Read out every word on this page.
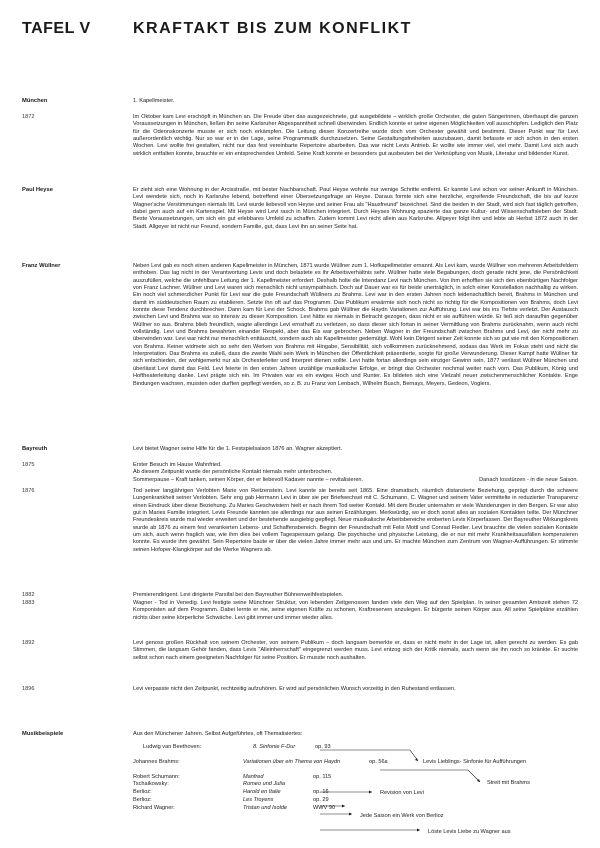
TAFEL V	KRAFTAKT BIS ZUM KONFLIKT
München	1. Kapellmeister.
1872	Im Oktober kam Levi erschöpft in München an. Die Freude über das ausgezeichnete, gut ausgebildete – wirklich große Orchester, die guten Sängerinnen, überhaupt die ganzen Voraussetzungen in München, ließen ihn seine Karlsruher Abgespanntheit schnell überwinden. Endlich konnte er seine eigenen Möglichkeiten voll ausschöpfen. Lediglich den Platz für die Odeonskonzerte musste er sich noch erkämpfen. Die Leitung dieser Konzertreihe wurde doch vom Orchester gewählt und bestimmt. Dieser Punkt war für Levi außerordentlich wichtig. Nur so war er in der Lage, seine Programmatik durchzusetzen. Seine Gestaltungsfreiheiten auszubauen, damit befasste er sich schon in den ersten Wochen. Levi wollte frei gestalten, nicht nur das fest vereinbarte Repertoire abarbeiten. Das war nicht Levis Antrieb. Er wollte wie immer viel, viel mehr. Damit Levi sich auch wirklich entfalten konnte, brauchte er ein entsprechendes Umfeld. Seine Kraft konnte er besonders gut ausbeuten bei der Verknüpfung von Musik, Literatur und bildender Kunst.
Paul Heyse	Er zieht sich eine Wohnung in der Arcisstraße, mit bester Nachbarschaft. Paul Heyse wohnte nur wenige Schritte entfernt. Er kannte Levi schon vor seiner Ankunft in München. Levi wendete sich, noch in Karlsruhe lebend, betreffend einer Übersetzungsfrage an Heyse. Daraus formte sich eine herzliche, ergreifende Freundschaft, die bis auf kurze Wagner'sche Verstimmungen niemals litt. Levi wurde liebevoll von Heyse und seiner Frau als "Hausfreund" bezeichnet. Sind die beiden in der Stadt, wird sich fast täglich getroffen, dabei gern auch auf ein Kartenspiel. Mit Heyse wird Levi rasch in München integriert. Durch Heyses Wohnung spazierte das ganze Kultur- und Wissenschaftsleben der Stadt. Beste Voraussetzungen, um sich ein gut erlebbares Umfeld zu schaffen. Zudem kommt Levi nicht allein aus Karlsruhe. Allgeyer folgt ihm und lebte ab Herbst 1872 auch in der Stadt. Allgeyer ist nicht nur Freund, sondern Familie, gut, dass Levi ihn an seiner Seite hat.
Franz Wüllner	Neben Levi gab es noch einen anderen Kapellmeister in München, 1871 wurde Wüllner zum 1. Hofkapellmeister ernannt. Als Levi kam, wurde Wüllner von mehreren Arbeitsfeldern enthoben. Das lag nicht in der Verantwortung Levis und doch belastete es ihr Arbeitsverhältnis sehr. Wüllner hatte viele Begabungen, doch gerade nicht jene, die Persönlichkeit auszufüllen, welche die unfehlbare Leitung der 1. Kapellmeister erfordert. Deshalb holte die Intendanz Levi nach München. Von ihm erhofften sie sich den ebenbürtigen Nachfolger von Franz Lachner. Wüllner und Levi waren sich menschlich nicht unsympathisch. Doch auf Dauer war es für beide unerträglich, in solch einer Konstellation nachhaltig zu wirken. Ein noch viel schmerzlicher Punkt für Levi war die gute Freundschaft Wüllners zu Brahms. Levi war in den ersten Jahren noch leidenschaftlich bereit, Brahms in München und damit im süddeutschen Raum zu etablieren. Setzte ihn oft auf das Programm. Das Publikum erwärmte sich noch nicht so richtig für die Kompositionen von Brahms, doch Levi konnte diese Tendenz durchbrechen. Dann kam für Levi der Schock. Brahms gab Wüllner die Haydn Variationen zur Aufführung. Levi war bis ins Tiefste verletzt. Der Austausch zwischen Levi und Brahms war so intensiv zu dieser Komposition. Levi hätte es niemals in Betracht gezogen, dass nicht er sie aufführen würde. Er ließ sich daraufhin gegenüber Wüllner so aus. Brahms blieb freundlich, wagte allerdings Levi ernsthaft zu verletzen, so dass dieser sich fortan in seiner Vermittlung von Brahms zurücknahm, wenn auch nicht vollständig. Levi und Brahms bewahrten einander Respekt, aber das Eis war gebrochen. Neben Wagner in der Freundschaft zwischen Brahms und Levi, der nicht mehr zu überwinden war. Levi war nicht nur menschlich enttäuscht, sondern auch als Kapellmeister gedemütigt. Wohl kein Dirigent seiner Zeit konnte sich so gut wie mit den Kompositionen von Brahms. Keiner widmete sich so sehr den Werken von Brahms mit Hingabe, Sensibilität, sich vollkommen zurücknehmend, sodass das Werk im Fokus steht und nicht die Interpretation. Das Brahms es zuließ, dass die zweite Wahl sein Werk in München der Öffentlichkeit präsentierte, sorgte für große Verwunderung. Dieser Kampf hatte Wüllner für sich entschieden, der wohlgemerkt nur als Orchesterleiter und Interpret dienen sollte. Levi hatte fortan allerdings sein einziger Gewinn sein. 1877 verlässt Wüllner München und überlässt Levi damit das Feld. Levi feierte in den ersten Jahren unzählige musikalische Erfolge, er bringt das Orchester nochmal weiter nach vorn. Das Publikum, König und Hoftheaterleitung danke. Levi prägte sich ein. Im Privaten war es ein ewiges Hoch und Runter. Es bildeten sich eine Vielzahl neuer zwischenmenschlicher Kontakte. Enge Bindungen wachsen, mussten oder durften gepflegt werden, so z. B. zu Franz von Lenbach, Wilhelm Busch, Bernays, Meyers, Gedeon, Voglers.
Bayreuth	Levi bietet Wagner seine Hilfe für die 1. Festspielsaison 1876 an. Wagner akzeptiert.
1875	Erster Besuch im Hause Wahnfried.

Ab diesem Zeitpunkt wurde der persönliche Kontakt niemals mehr unterbrochen.

Sommerpause – Kraft tanken, seinen Körper, der er liebevoll Kadaver nannte – revitalisieren.	Danach losstürzen - in die neue Saison.

1876	Tod seiner langjährigen Verlobten Marie von Reitzenstein. Levi kannte sie bereits seit 1865. Eine dramatisch, räumlich distanzierte Beziehung, geprägt durch die schwere Lungenkrankheit seiner Verlobten. Sehr eng gab Hermann Levi in über sie per Briefwechsel mit C. Schumann, C. Wagner und seinem Vater vermittelte in reduzierter Transparenz einen Eindruck über diese Beziehung. Zu Maries Geschwistern hielt er nach ihrem Tod weiter Kontakt. Mit dem Bruder unternahm er viele Wanderungen in den Bergen. Er war also gut in Maries Familie integriert. Levis Freunde kannten sie allerdings nur aus seinen Erzählungen. Merkwürdig, wo er doch sonst alles an sozialen Kontakten teilte. Der Münchner Freundeskreis wurde mal wieder erweitert und der bestehende ausgiebig gepflegt. Neue musikalische Arbeitsbereiche eroberten Levis Körperfassen. Der Bayreuther Wirkungskreis wurde ab 1876 zu einem fest verankerten Lebens- und Schaffensbereich. Beginn der Freundschaft mit Felix Mottl und Conrad Fiedler. Levi brauchte die vielen sozialen Kontakte um sich, auch wenn fraglich war, wie ihm dies bei vollem Tagespensum gelang. Die psychische und physische Leistung, die er nur mit mehr Krankheitsausfällen kompensieren konnte. Es wurde ihm gewährt. Sein Repertoire baute er über die vielen Jahre immer mehr aus und um. Er machte München zum Zentrum von Wagner-Aufführungen. Er stimmte seinen Hofoper-Klangkörper auf die Werke Wagners ab.
1882	Premierendirigent. Levi dirigierte Parsifal bei den Bayreuther Bühnenweihfestspielen.
1883	Wagner - Tod in Venedig. Levi festigte seine Münchner Struktur, von lebenden Zeitgenossen fanden viele den Weg auf den Spielplan. In seiner gesamten Amtszeit stehen 72 Komponisten auf dem Programm. Dabei lernte er nie, seine eigenen Kräfte zu schonen, Kraftreserven anzulegen. Er bürgerte seinen Körper aus. All seine Spielpläne erzählen nichts über seine körperliche Schwäche. Levi gibt immer und immer wieder alles.
1892	Levi genoss großen Rückhalt von seinem Orchester, von seinem Publikum – doch langsam bemerkte er, dass er nicht mehr in der Lage ist, allen gerecht zu werden. Es gab Stimmen, die langsam Gehör fanden, dass Levis "Alleinherrschaft" eingegrenzt werden muss. Levi entzog sich der Kritik niemals, auch wenn sie ihn noch so kränkte. Er suchte selbst schon nach einem geeigneten Nachfolger für seine Position. Er musste noch aushalten.
1896	Levi verpasste nicht den Zeitpunkt, rechtzeitig aufzuhören. Er wird auf persönlichen Wunsch vorzeitig in den Ruhestand entlassen.
Musikbeispiele	Aus den Münchener Jahren. Selbst Aufgeführtes, oft Thematisiertes:
Ludwig van Beethoven:	8. Sinfonie F-Dur	op. 93
Johannes Brahms:	Variationen über ein Thema von Haydn	op. 56a
Robert Schumann:	Manfred	op. 115
Tschaikowsky:	Romeo und Julia
Berlioz:	Harold en Italie	op. 16
Berlioz:	Les Troyens	op. 29
Richard Wagner:	Tristan und Isolde	WWV 90
Levis Lieblings- Sinfonie für Aufführungen
Streit mit Brahms
Revision von Levi
Jede Saison ein Werk von Berlioz
Löste Levis Liebe zu Wagner aus
